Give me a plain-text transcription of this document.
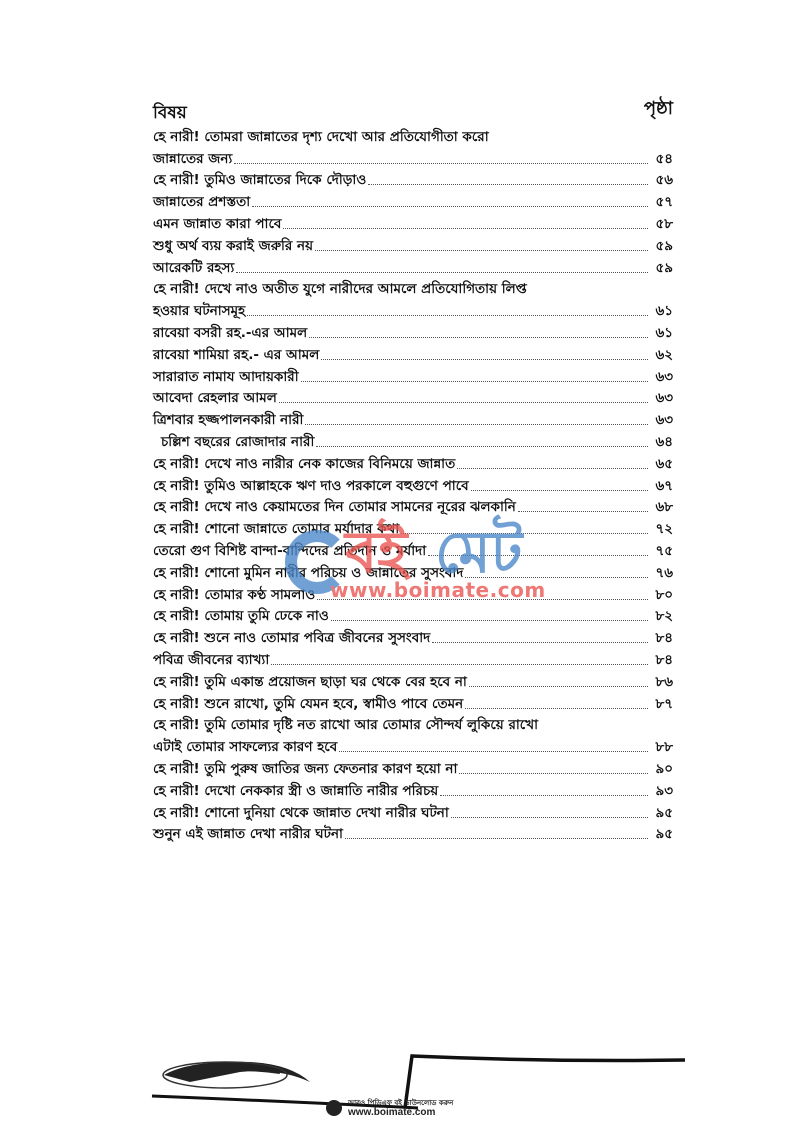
বিষয়	পৃষ্ঠা
হে নারী! তোমরা জান্নাতের দৃশ্য দেখো আর প্রতিযোগীতা করো
জান্নাতের জন্য	৫৪
হে নারী! তুমিও জান্নাতের দিকে দৌড়াও	৫৬
জান্নাতের প্রশস্ততা	৫৭
এমন জান্নাত কারা পাবে	৫৮
শুধু অর্থ ব্যয় করাই জরুরি নয়	৫৯
আরেকটি রহস্য	৫৯
হে নারী! দেখে নাও অতীত যুগে নারীদের আমলে প্রতিযোগিতায় লিপ্ত
হওয়ার ঘটনাসমূহ	৬১
রাবেয়া বসরী রহ.-এর আমল	৬১
রাবেয়া শামিয়া রহ.- এর আমল	৬২
সারারাত নামায আদায়কারী	৬৩
আবেদা রেহলার আমল	৬৩
ত্রিশবার হজ্জপালনকারী নারী	৬৩
চল্লিশ বছরের রোজাদার নারী	৬৪
হে নারী! দেখে নাও নারীর নেক কাজের বিনিময়ে জান্নাত	৬৫
হে নারী! তুমিও আল্লাহকে ঋণ দাও পরকালে বহুগুণে পাবে	৬৭
হে নারী! দেখে নাও কেয়ামতের দিন তোমার সামনের নূরের ঝলকানি	৬৮
হে নারী! শোনো জান্নাতে তোমার মর্যাদার কথা	৭২
তেরো গুণ বিশিষ্ট বান্দা-বান্দিদের প্রতিদান ও মর্যাদা	৭৫
হে নারী! শোনো মুমিন নারীর পরিচয় ও জান্নাতের সুসংবাদ	৭৬
হে নারী! তোমার কণ্ঠ সামলাও	৮০
হে নারী! তোমায় তুমি ঢেকে নাও	৮২
হে নারী! শুনে নাও তোমার পবিত্র জীবনের সুসংবাদ	৮৪
পবিত্র জীবনের ব্যাখ্যা	৮৪
হে নারী! তুমি একান্ত প্রয়োজন ছাড়া ঘর থেকে বের হবে না	৮৬
হে নারী! শুনে রাখো, তুমি যেমন হবে, স্বামীও পাবে তেমন	৮৭
হে নারী! তুমি তোমার দৃষ্টি নত রাখো আর তোমার সৌন্দর্য লুকিয়ে রাখো
এটাই তোমার সাফল্যের কারণ হবে	৮৮
হে নারী! তুমি পুরুষ জাতির জন্য ফেতনার কারণ হয়ো না	৯০
হে নারী! দেখো নেককার স্ত্রী ও জান্নাতি নারীর পরিচয়	৯৩
হে নারী! শোনো দুনিয়া থেকে জান্নাত দেখা নারীর ঘটনা	৯৫
শুনুন এই জান্নাত দেখা নারীর ঘটনা	৯৫
বই মেট
www.boimate.com
আরও পিডিএফ বই ডাউনলোড করুন
www.boimate.com
